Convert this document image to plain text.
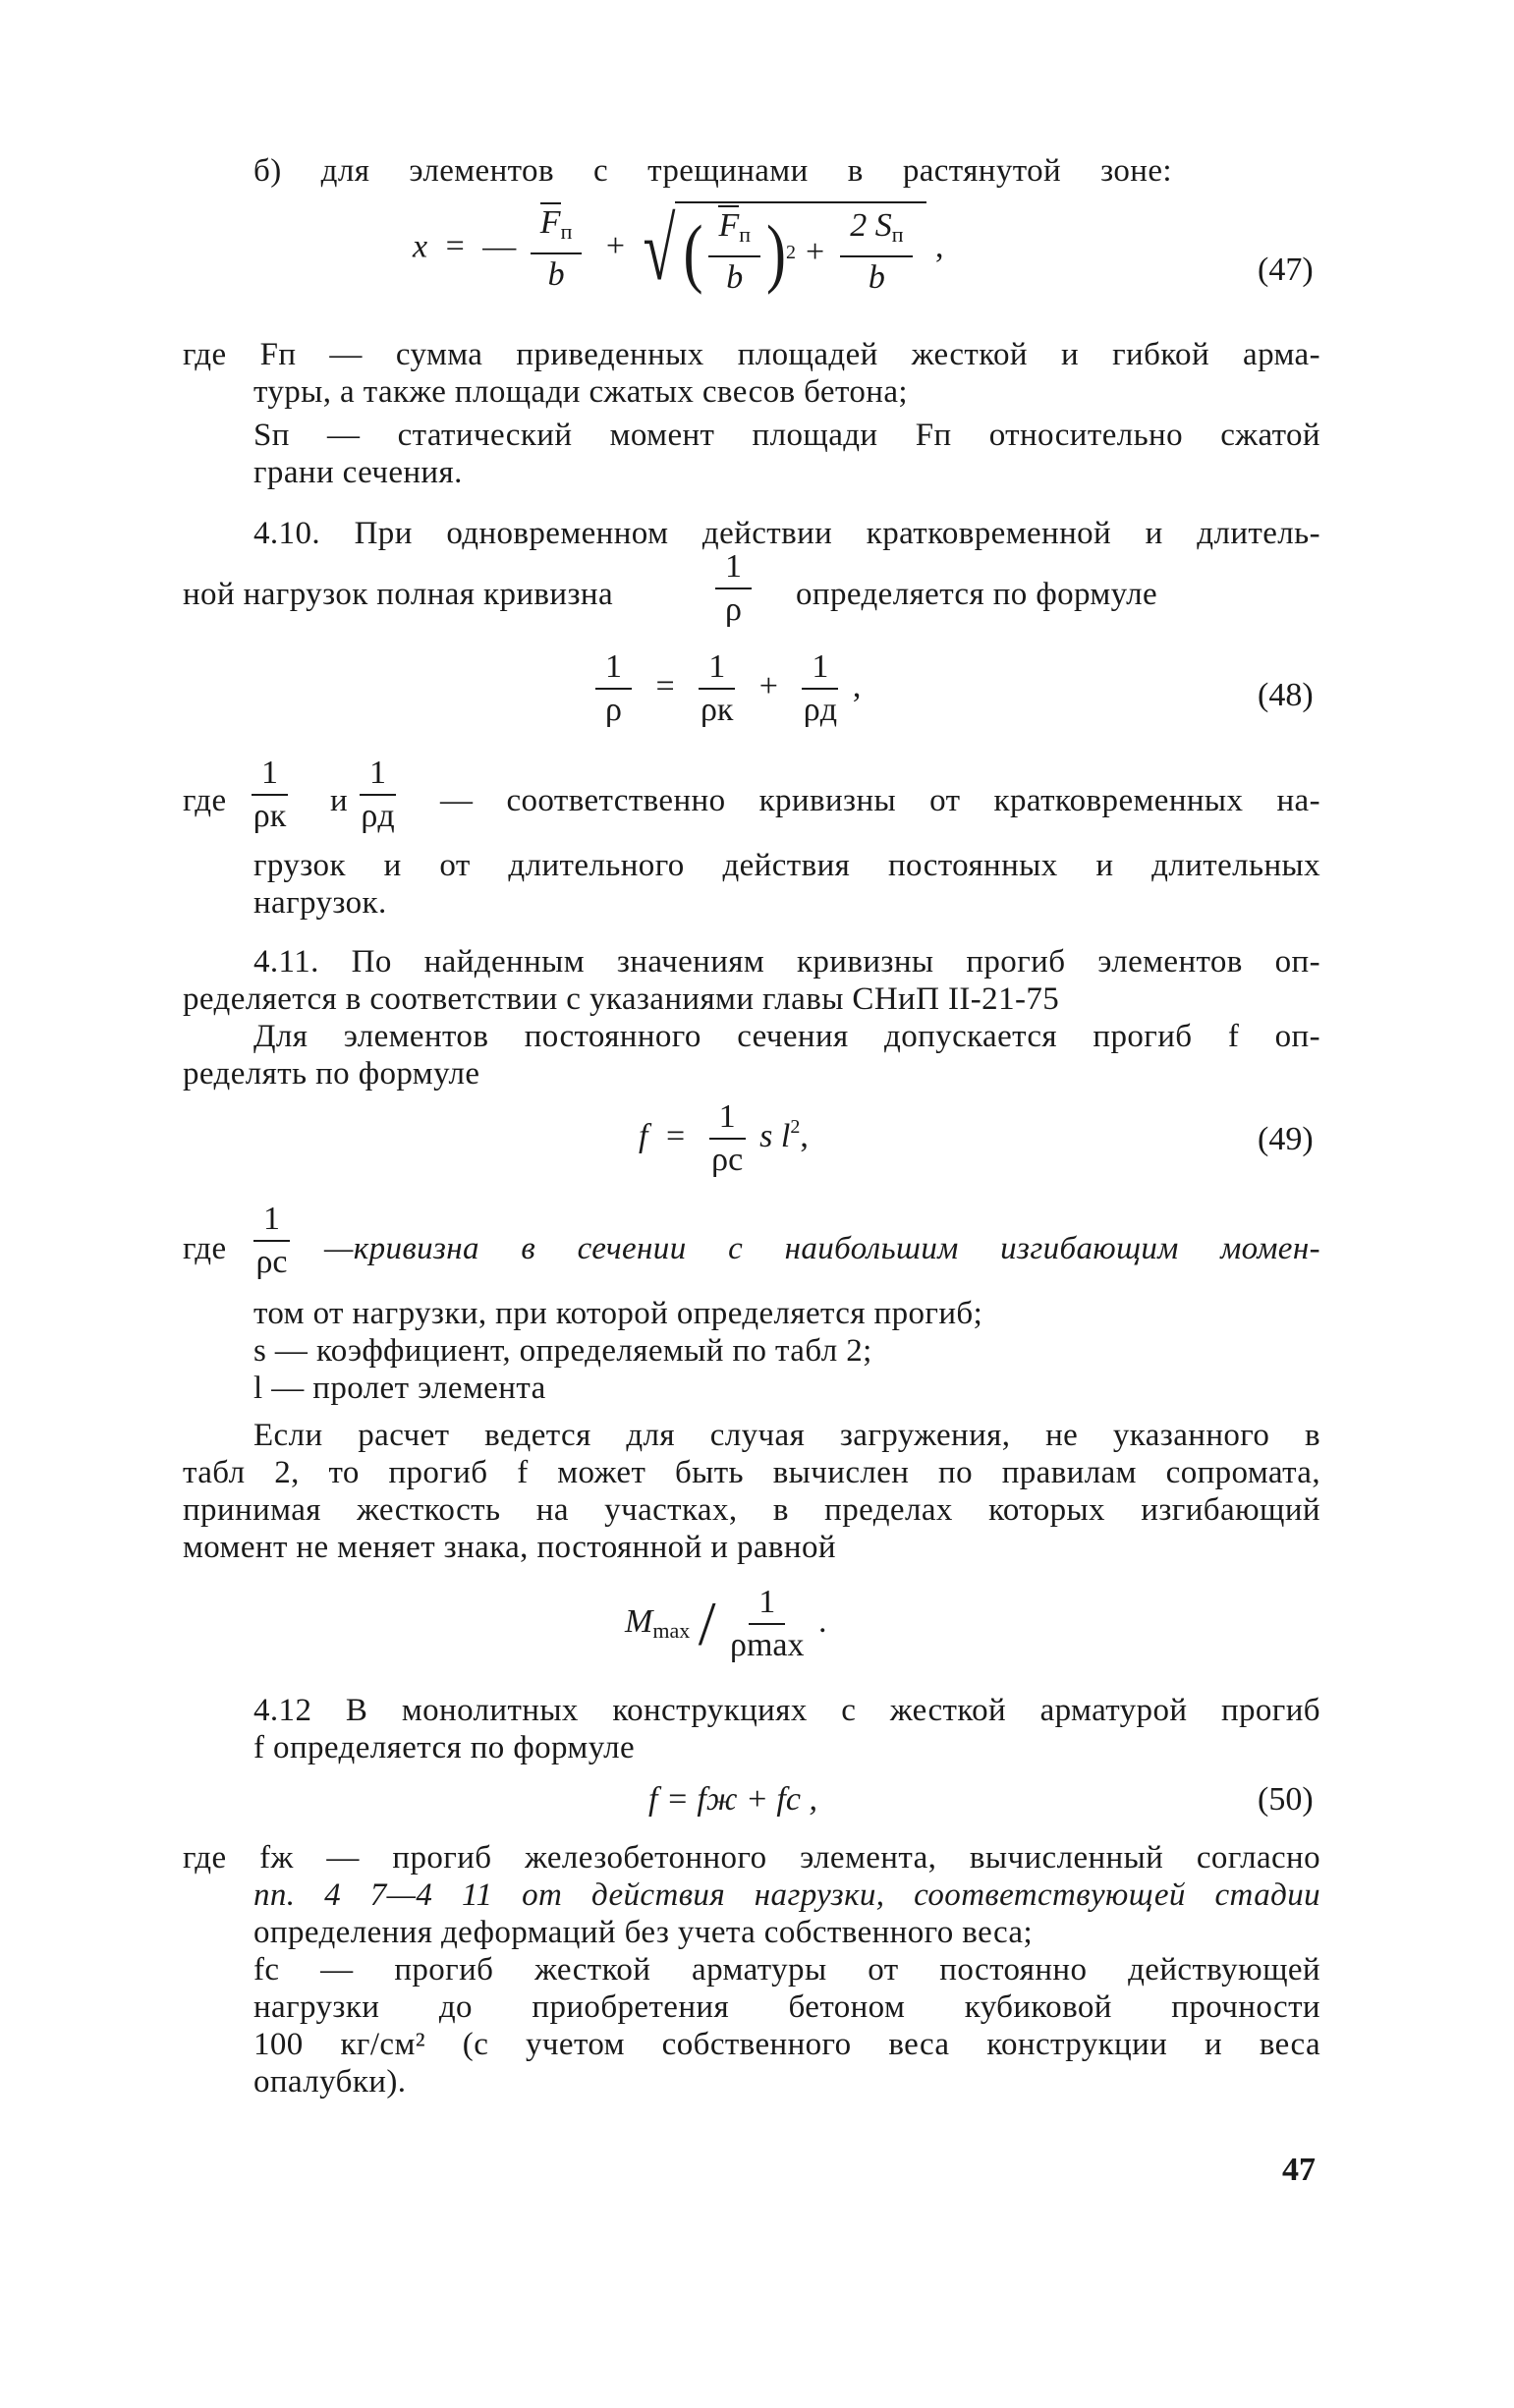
б) для элементов с трещинами в растянутой зоне:

x = — $\frac{F_п}{b}$ + √ ( $\frac{F_п}{b}$ ) $2 + \frac{2 S_п}{b}$ ,
(47)

где Fп — сумма приведенных площадей жесткой и гибкой арма-

туры, а также площади сжатых свесов бетона;

Sп — статический момент площади Fп относительно сжатой

грани сечения.

4.10. При одновременном действии кратковременной и длитель-

ной нагрузок полная кривизна	$\frac{1}{\rho}$ определяется по формуле

$\frac{1}{\rho} = \frac{1}{\rho к} + \frac{1}{\rho д}$ ,	(48)

где $\frac{1}{\rho к}$ и $\frac{1}{\rho д}$ — соответственно кривизны от кратковременных на-

грузок и от длительного действия постоянных и длительных

нагрузок.

4.11. По найденным значениям кривизны прогиб элементов оп-

ределяется в соответствии с указаниями главы СНиП II-21-75

Для элементов постоянного сечения допускается прогиб f оп-

ределять по формуле

$f = \frac{1}{\rho с}$ s $l^2$,	(49)

где $\frac{1}{\rho с}$ —кривизна в сечении с наибольшим изгибающим момен-

том от нагрузки, при которой определяется прогиб;

s — коэффициент, определяемый по табл 2;

l — пролет элемента

Если расчет ведется для случая загружения, не указанного в

табл 2, то прогиб f может быть вычислен по правилам сопромата,

принимая жесткость на участках, в пределах которых изгибающий

момент не меняет знака, постоянной и равной

$M_{max} / \frac{1}{\rho\max}$ .

4.12 В монолитных конструкциях с жесткой арматурой прогиб

f определяется по формуле

f = fж + fс ,	(50)

где fж — прогиб железобетонного элемента, вычисленный согласно

пп. 4 7—4 11 от действия нагрузки, соответствующей стадии

определения деформаций без учета собственного веса;

fс — прогиб жесткой арматуры от постоянно действующей

нагрузки до приобретения бетоном кубиковой прочности

100 кг/см² (с учетом собственного веса конструкции и веса

опалубки).

47
